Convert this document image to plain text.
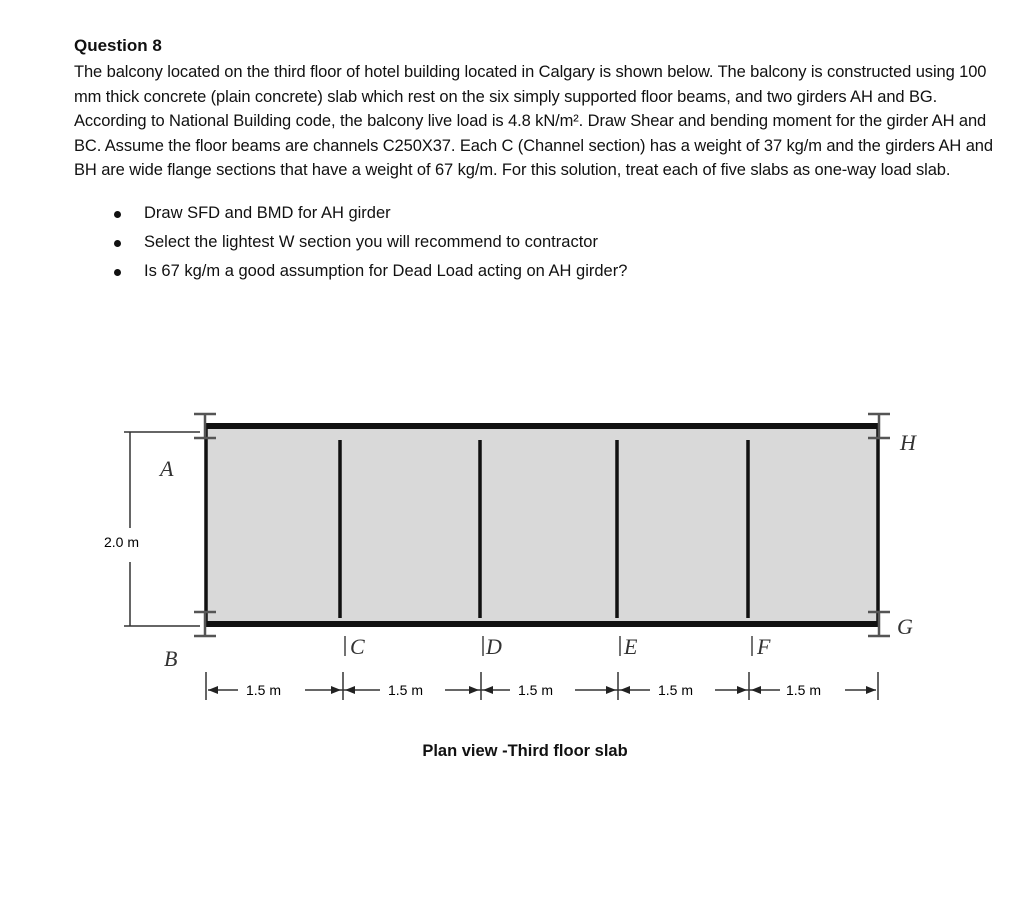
Question 8

The balcony located on the third floor of hotel building located in Calgary is shown below. The balcony is constructed using 100 mm thick concrete (plain concrete) slab which rest on the six simply supported floor beams, and two girders AH and BG. According to National Building code, the balcony live load is 4.8 kN/m². Draw Shear and bending moment for the girder AH and BC. Assume the floor beams are channels C250X37. Each C (Channel section) has a weight of 37 kg/m and the girders AH and BH are wide flange sections that have a weight of 67 kg/m. For this solution, treat each of five slabs as one-way load slab.

Draw SFD and BMD for AH girder
Select the lightest W section you will recommend to contractor
Is 67 kg/m a good assumption for Dead Load acting on AH girder?
2.0 m
A
B	C	D	E	F
G
H
1.5 m	1.5 m	1.5 m	1.5 m	1.5 m
Plan view -Third floor slab
